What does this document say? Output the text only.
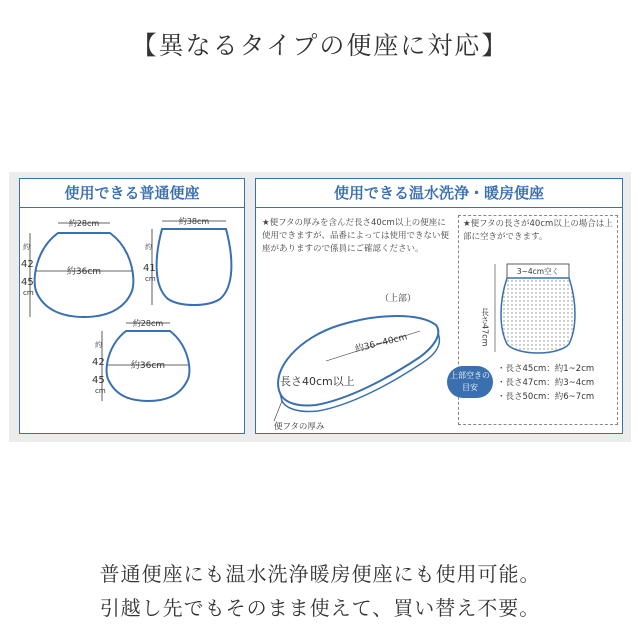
【異なるタイプの便座に対応】
使用できる普通便座
約28cm
約36cm
約
42
45
cm
約38cm
約
41
cm
約28cm
約36cm
約
42
45
cm
使用できる温水洗浄・暖房便座
★便フタの厚みを含んだ長さ40cm以上の便座に使用できますが、品番によっては使用できない便座がありますので係員にご確認ください。
約36~40cm
（上部）
長さ40cm以上
便フタの厚み
★便フタの長さが40cm以上の場合は上部に空きができます。
3~4cm空く
長さ47cm
上部空きの目安
・長さ45cm：約1~2cm
・長さ47cm：約3~4cm
・長さ50cm：約6~7cm
普通便座にも温水洗浄暖房便座にも使用可能。
引越し先でもそのまま使えて、買い替え不要。
